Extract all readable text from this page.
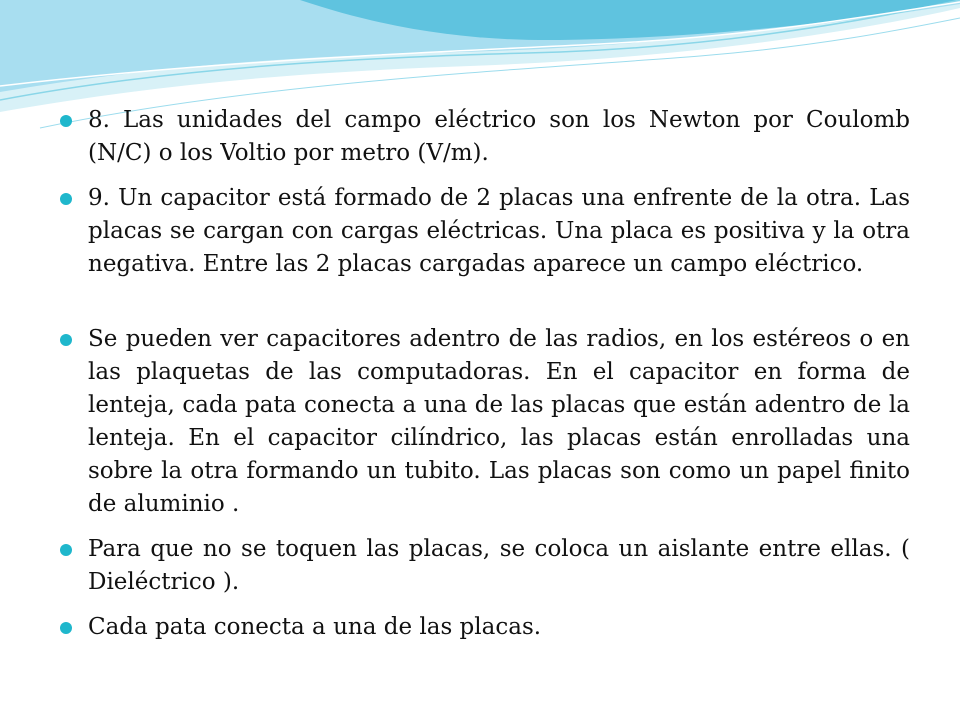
8. Las unidades del campo eléctrico son los Newton por Coulomb (N/C) o los Voltio por metro (V/m).
9. Un capacitor está formado de 2 placas una enfrente de la otra. Las placas se cargan con cargas eléctricas. Una placa es positiva y la otra negativa. Entre las 2 placas cargadas aparece un campo eléctrico.
Se pueden ver capacitores adentro de las radios, en los estéreos o en las plaquetas de las computadoras. En el capacitor en forma de lenteja, cada pata conecta a una de las placas que están adentro de la lenteja. En el capacitor cilíndrico, las placas están enrolladas una sobre la otra formando un tubito. Las placas son como un papel finito de aluminio .
Para que no se toquen las placas, se coloca un aislante entre ellas. ( Dieléctrico ).
Cada pata conecta a una de las placas.
